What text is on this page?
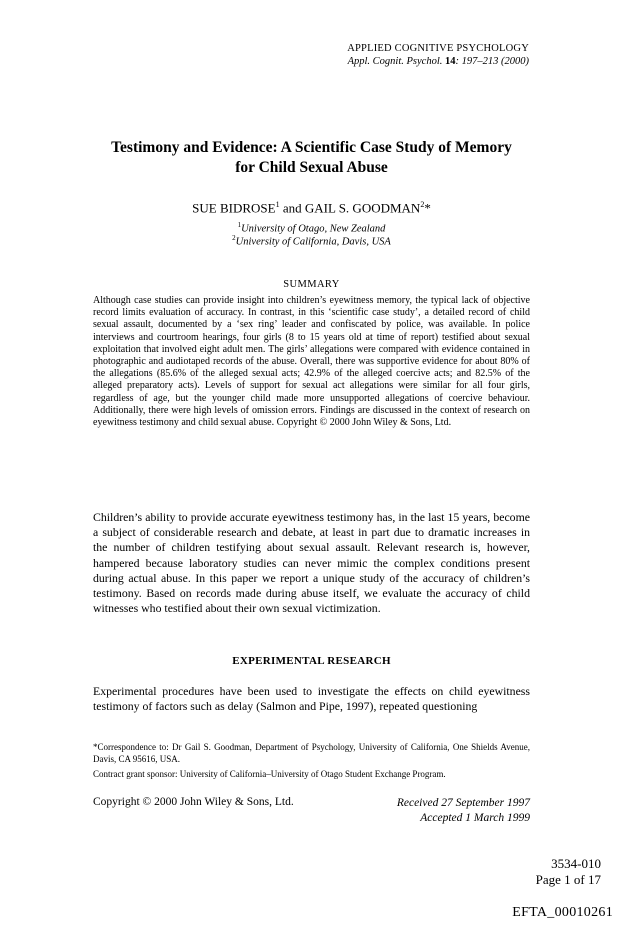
APPLIED COGNITIVE PSYCHOLOGY
Appl. Cognit. Psychol. 14: 197–213 (2000)
Testimony and Evidence: A Scientific Case Study of Memory
for Child Sexual Abuse
SUE BIDROSE$^1$ and GAIL S. GOODMAN$^2$*
$^1$University of Otago, New Zealand
$^2$University of California, Davis, USA
SUMMARY

Although case studies can provide insight into children’s eyewitness memory, the typical lack of objective record limits evaluation of accuracy. In contrast, in this ‘scientific case study’, a detailed record of child sexual assault, documented by a ‘sex ring’ leader and confiscated by police, was available. In police interviews and courtroom hearings, four girls (8 to 15 years old at time of report) testified about sexual exploitation that involved eight adult men. The girls’ allegations were compared with evidence contained in photographic and audiotaped records of the abuse. Overall, there was supportive evidence for about 80% of the allegations (85.6% of the alleged sexual acts; 42.9% of the alleged coercive acts; and 82.5% of the alleged preparatory acts). Levels of support for sexual act allegations were similar for all four girls, regardless of age, but the younger child made more unsupported allegations of coercive behaviour. Additionally, there were high levels of omission errors. Findings are discussed in the context of research on eyewitness testimony and child sexual abuse. Copyright © 2000 John Wiley & Sons, Ltd.

Children’s ability to provide accurate eyewitness testimony has, in the last 15 years, become a subject of considerable research and debate, at least in part due to dramatic increases in the number of children testifying about sexual assault. Relevant research is, however, hampered because laboratory studies can never mimic the complex conditions present during actual abuse. In this paper we report a unique study of the accuracy of children’s testimony. Based on records made during abuse itself, we evaluate the accuracy of child witnesses who testified about their own sexual victimization.

EXPERIMENTAL RESEARCH

Experimental procedures have been used to investigate the effects on child eyewitness testimony of factors such as delay (Salmon and Pipe, 1997), repeated questioning

*Correspondence to: Dr Gail S. Goodman, Department of Psychology, University of California, One Shields Avenue, Davis, CA 95616, USA.

Contract grant sponsor: University of California–University of Otago Student Exchange Program.

Copyright © 2000 John Wiley & Sons, Ltd.	Received 27 September 1997
Accepted 1 March 1999
3534-010
Page 1 of 17
EFTA_00010261
